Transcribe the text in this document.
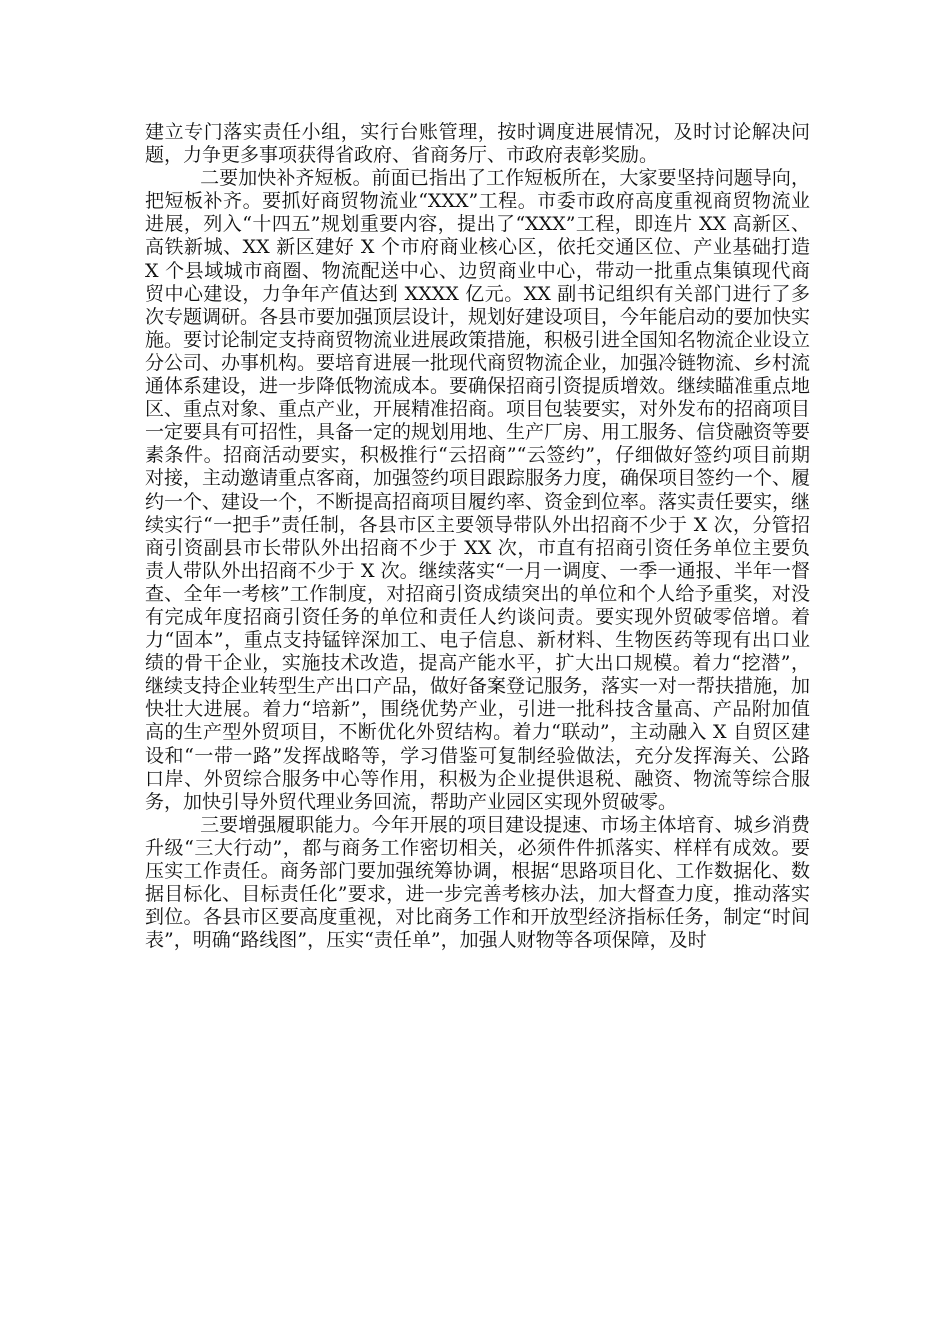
建立专门落实责任小组，实行台账管理，按时调度进展情况，及时讨论解决问题，力争更多事项获得省政府、省商务厅、市政府表彰奖励。

二要加快补齐短板。前面已指出了工作短板所在，大家要坚持问题导向，把短板补齐。要抓好商贸物流业“XXX”工程。市委市政府高度重视商贸物流业进展，列入“十四五”规划重要内容，提出了“XXX”工程，即连片 XX 高新区、高铁新城、XX 新区建好 X 个市府商业核心区，依托交通区位、产业基础打造 X 个县域城市商圈、物流配送中心、边贸商业中心，带动一批重点集镇现代商贸中心建设，力争年产值达到 XXXX 亿元。XX 副书记组织有关部门进行了多次专题调研。各县市要加强顶层设计，规划好建设项目，今年能启动的要加快实施。要讨论制定支持商贸物流业进展政策措施，积极引进全国知名物流企业设立分公司、办事机构。要培育进展一批现代商贸物流企业，加强冷链物流、乡村流通体系建设，进一步降低物流成本。要确保招商引资提质增效。继续瞄准重点地区、重点对象、重点产业，开展精准招商。项目包装要实，对外发布的招商项目一定要具有可招性，具备一定的规划用地、生产厂房、用工服务、信贷融资等要素条件。招商活动要实，积极推行“云招商”“云签约”，仔细做好签约项目前期对接，主动邀请重点客商，加强签约项目跟踪服务力度，确保项目签约一个、履约一个、建设一个，不断提高招商项目履约率、资金到位率。落实责任要实，继续实行“一把手”责任制，各县市区主要领导带队外出招商不少于 X 次，分管招商引资副县市长带队外出招商不少于 XX 次，市直有招商引资任务单位主要负责人带队外出招商不少于 X 次。继续落实“一月一调度、一季一通报、半年一督查、全年一考核”工作制度，对招商引资成绩突出的单位和个人给予重奖，对没有完成年度招商引资任务的单位和责任人约谈问责。要实现外贸破零倍增。着力“固本”，重点支持锰锌深加工、电子信息、新材料、生物医药等现有出口业绩的骨干企业，实施技术改造，提高产能水平，扩大出口规模。着力“挖潜”，继续支持企业转型生产出口产品，做好备案登记服务，落实一对一帮扶措施，加快壮大进展。着力“培新”，围绕优势产业，引进一批科技含量高、产品附加值高的生产型外贸项目，不断优化外贸结构。着力“联动”，主动融入 X 自贸区建设和“一带一路”发挥战略等，学习借鉴可复制经验做法，充分发挥海关、公路口岸、外贸综合服务中心等作用，积极为企业提供退税、融资、物流等综合服务，加快引导外贸代理业务回流，帮助产业园区实现外贸破零。

三要增强履职能力。今年开展的项目建设提速、市场主体培育、城乡消费升级“三大行动”，都与商务工作密切相关，必须件件抓落实、样样有成效。要压实工作责任。商务部门要加强统筹协调，根据“思路项目化、工作数据化、数据目标化、目标责任化”要求，进一步完善考核办法，加大督查力度，推动落实到位。各县市区要高度重视，对比商务工作和开放型经济指标任务，制定“时间表”，明确“路线图”，压实“责任单”，加强人财物等各项保障，及时
